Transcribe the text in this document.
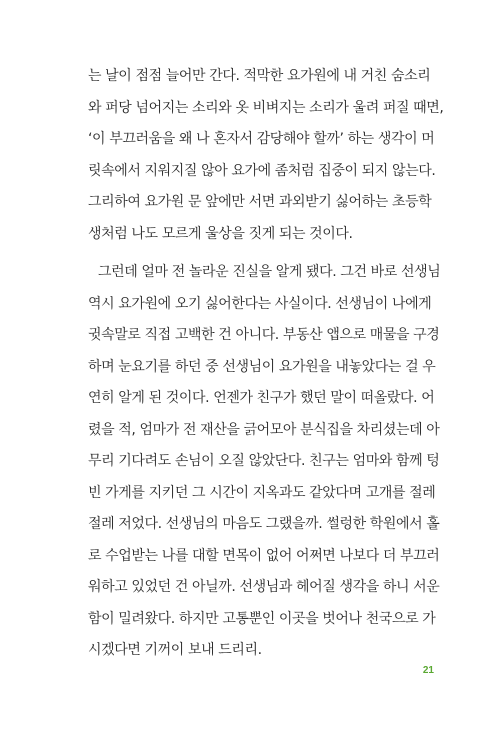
는 날이 점점 늘어만 간다. 적막한 요가원에 내 거친 숨소리
와 퍼당 넘어지는 소리와 옷 비벼지는 소리가 울려 퍼질 때면,
‘이 부끄러움을 왜 나 혼자서 감당해야 할까’ 하는 생각이 머
릿속에서 지워지질 않아 요가에 좀처럼 집중이 되지 않는다.
그리하여 요가원 문 앞에만 서면 과외받기 싫어하는 초등학
생처럼 나도 모르게 울상을 짓게 되는 것이다.
그런데 얼마 전 놀라운 진실을 알게 됐다. 그건 바로 선생님
역시 요가원에 오기 싫어한다는 사실이다. 선생님이 나에게
귓속말로 직접 고백한 건 아니다. 부동산 앱으로 매물을 구경
하며 눈요기를 하던 중 선생님이 요가원을 내놓았다는 걸 우
연히 알게 된 것이다. 언젠가 친구가 했던 말이 떠올랐다. 어
렸을 적, 엄마가 전 재산을 긁어모아 분식집을 차리셨는데 아
무리 기다려도 손님이 오질 않았단다. 친구는 엄마와 함께 텅
빈 가게를 지키던 그 시간이 지옥과도 같았다며 고개를 절레
절레 저었다. 선생님의 마음도 그랬을까. 썰렁한 학원에서 홀
로 수업받는 나를 대할 면목이 없어 어쩌면 나보다 더 부끄러
워하고 있었던 건 아닐까. 선생님과 헤어질 생각을 하니 서운
함이 밀려왔다. 하지만 고통뿐인 이곳을 벗어나 천국으로 가
21
시겠다면 기꺼이 보내 드리리.
